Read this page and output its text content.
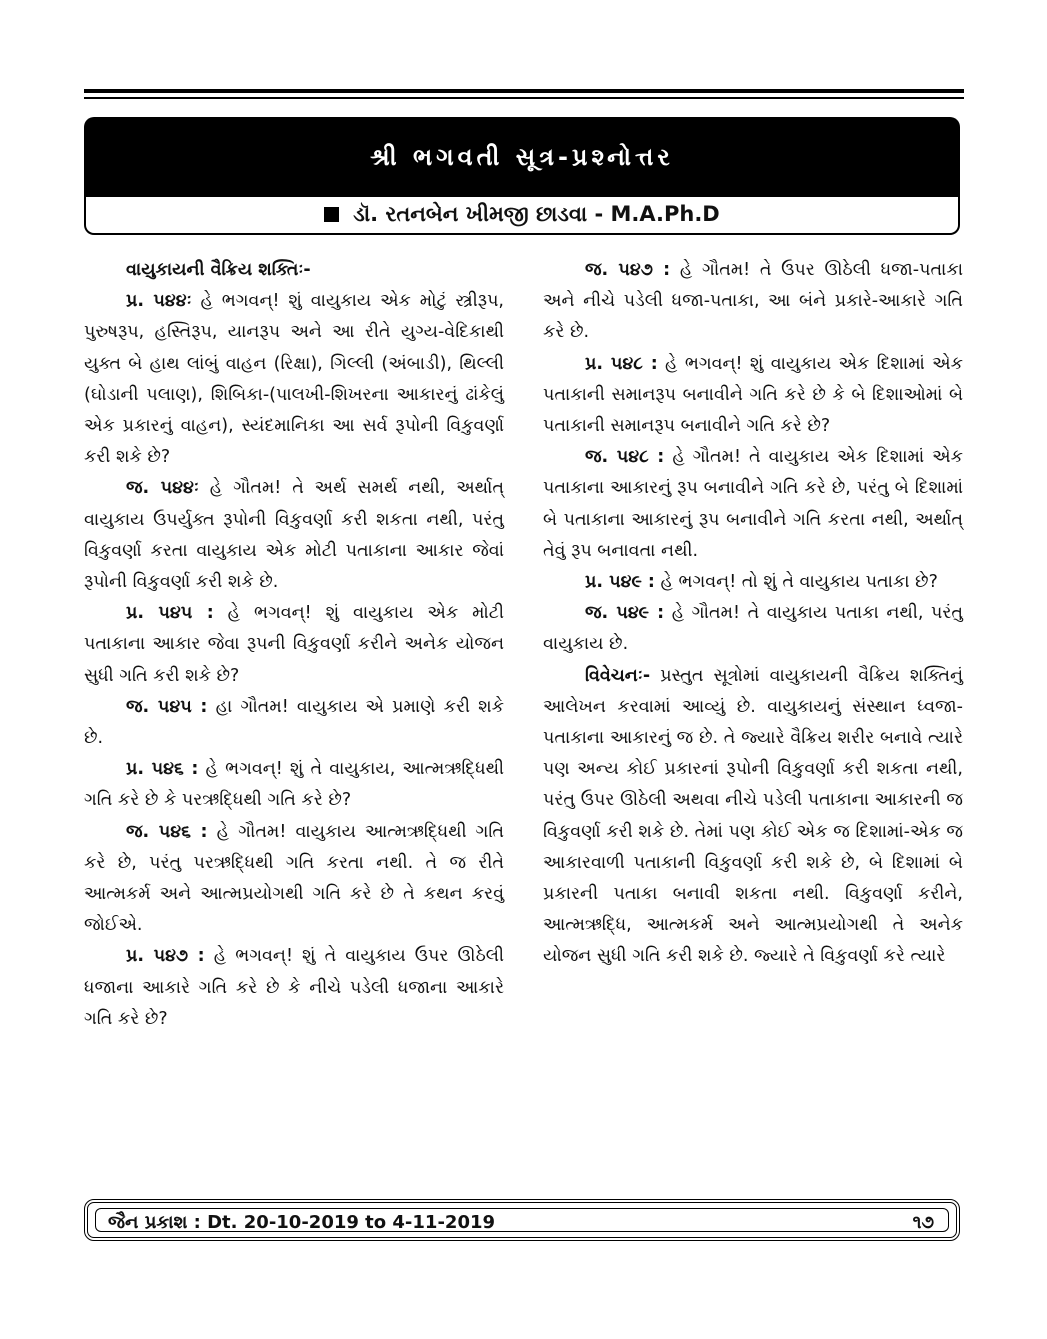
શ્રી ભગવતી સૂત્ર-પ્રશ્નોત્તર
ડૉ. રતનબેન ખીમજી છાડવા - M.A.Ph.D

વાયુકાયની વૈક્રિય શક્તિઃ-

પ્ર. ૫૪૪ઃ હે ભગવન્! શું વાયુકાય એક મોટું સ્ત્રીરૂપ, પુરુષરૂપ, હસ્તિરૂપ, યાનરૂપ અને આ રીતે યુગ્ય-વેદિકાથી યુક્ત બે હાથ લાંબું વાહન (રિક્ષા), ગિલ્લી (અંબાડી), થિલ્લી (ઘોડાની પલાણ), શિબિકા-(પાલખી-શિખરના આકારનું ઢાંકેલું એક પ્રકારનું વાહન), સ્યંદમાનિકા આ સર્વ રૂપોની વિકુવર્ણા કરી શકે છે?

જ. ૫૪૪ઃ હે ગૌતમ! તે અર્થ સમર્થ નથી, અર્થાત્ વાયુકાય ઉપર્યુક્ત રૂપોની વિકુવર્ણા કરી શકતા નથી, પરંતુ વિકુવર્ણા કરતા વાયુકાય એક મોટી પતાકાના આકાર જેવાં રૂપોની વિકુવર્ણા કરી શકે છે.

પ્ર. ૫૪૫ : હે ભગવન્! શું વાયુકાય એક મોટી પતાકાના આકાર જેવા રૂપની વિકુવર્ણા કરીને અનેક યોજન સુધી ગતિ કરી શકે છે?

જ. ૫૪૫ : હા ગૌતમ! વાયુકાય એ પ્રમાણે કરી શકે છે.

પ્ર. ૫૪૬ : હે ભગવન્! શું તે વાયુકાય, આત્મઋદ્ધિથી ગતિ કરે છે કે પરઋદ્ધિથી ગતિ કરે છે?

જ. ૫૪૬ : હે ગૌતમ! વાયુકાય આત્મઋદ્ધિથી ગતિ કરે છે, પરંતુ પરઋદ્ધિથી ગતિ કરતા નથી. તે જ રીતે આત્મકર્મ અને આત્મપ્રયોગથી ગતિ કરે છે તે કથન કરવું જોઈએ.

પ્ર. ૫૪૭ : હે ભગવન્! શું તે વાયુકાય ઉપર ઊઠેલી ધજાના આકારે ગતિ કરે છે કે નીચે પડેલી ધજાના આકારે ગતિ કરે છે?

જ. ૫૪૭ : હે ગૌતમ! તે ઉપર ઊઠેલી ધજા-પતાકા અને નીચે પડેલી ધજા-પતાકા, આ બંને પ્રકારે-આકારે ગતિ કરે છે.

પ્ર. ૫૪૮ : હે ભગવન્! શું વાયુકાય એક દિશામાં એક પતાકાની સમાનરૂપ બનાવીને ગતિ કરે છે કે બે દિશાઓમાં બે પતાકાની સમાનરૂપ બનાવીને ગતિ કરે છે?

જ. ૫૪૮ : હે ગૌતમ! તે વાયુકાય એક દિશામાં એક પતાકાના આકારનું રૂપ બનાવીને ગતિ કરે છે, પરંતુ બે દિશામાં બે પતાકાના આકારનું રૂપ બનાવીને ગતિ કરતા નથી, અર્થાત્ તેવું રૂપ બનાવતા નથી.

પ્ર. ૫૪૯ : હે ભગવન્! તો શું તે વાયુકાય પતાકા છે?

જ. ૫૪૯ : હે ગૌતમ! તે વાયુકાય પતાકા નથી, પરંતુ વાયુકાય છે.

વિવેચનઃ- પ્રસ્તુત સૂત્રોમાં વાયુકાયની વૈક્રિય શક્તિનું આલેખન કરવામાં આવ્યું છે. વાયુકાયનું સંસ્થાન ધ્વજા-પતાકાના આકારનું જ છે. તે જ્યારે વૈક્રિય શરીર બનાવે ત્યારે પણ અન્ય કોઈ પ્રકારનાં રૂપોની વિકુવર્ણા કરી શકતા નથી, પરંતુ ઉપર ઊઠેલી અથવા નીચે પડેલી પતાકાના આકારની જ વિકુવર્ણા કરી શકે છે. તેમાં પણ કોઈ એક જ દિશામાં-એક જ આકારવાળી પતાકાની વિકુવર્ણા કરી શકે છે, બે દિશામાં બે પ્રકારની પતાકા બનાવી શકતા નથી. વિકુવર્ણા કરીને, આત્મઋદ્ધિ, આત્મકર્મ અને આત્મપ્રયોગથી તે અનેક યોજન સુધી ગતિ કરી શકે છે. જ્યારે તે વિકુવર્ણા કરે ત્યારે

જૈન પ્રકાશ : Dt. 20-10-2019 to 4-11-2019	૧૭
